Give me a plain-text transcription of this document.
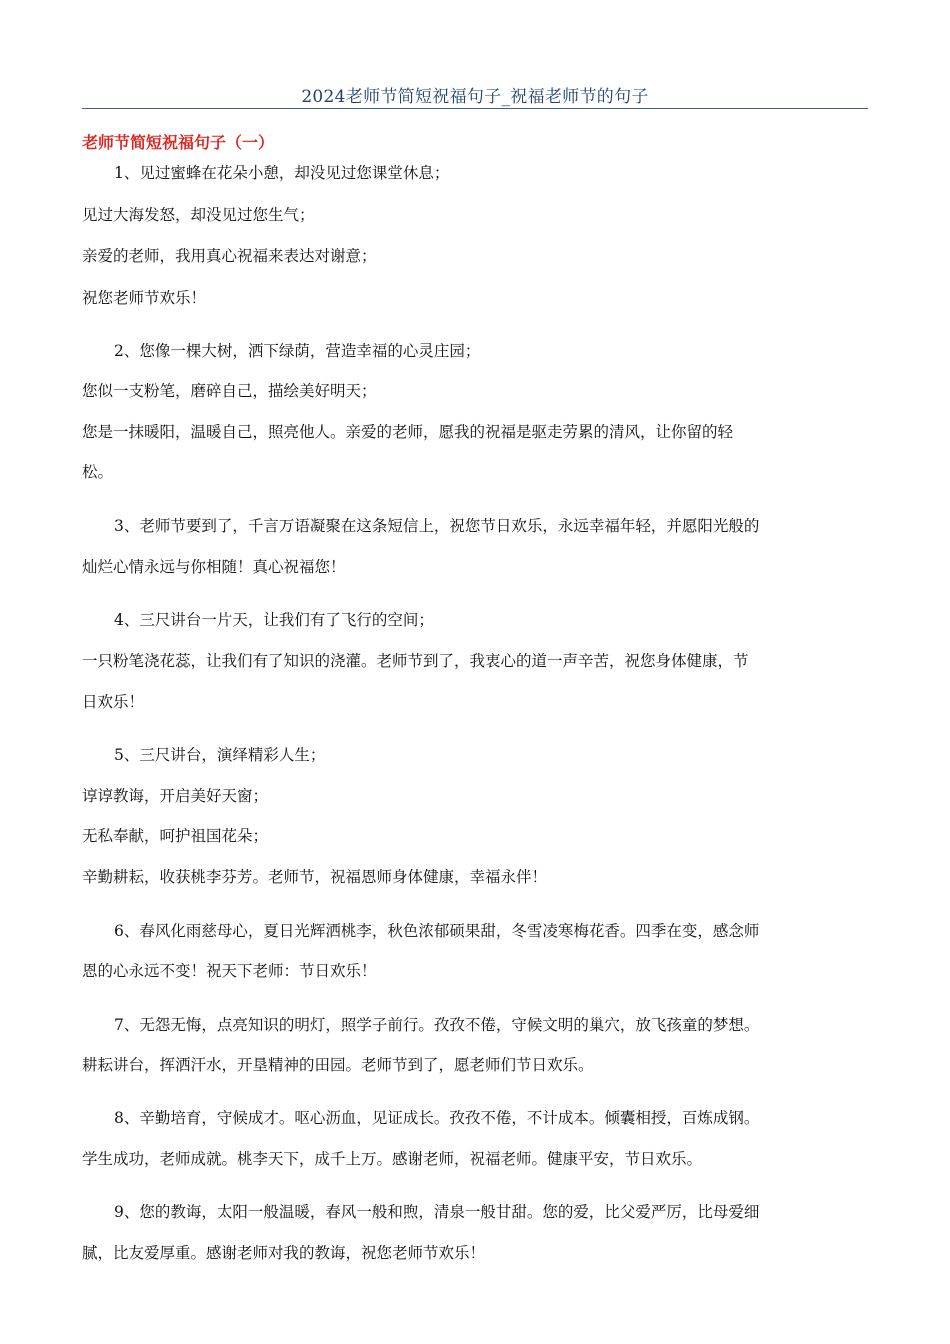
2024老师节简短祝福句子_祝福老师节的句子
老师节简短祝福句子（一）
1、见过蜜蜂在花朵小憩，却没见过您课堂休息；
见过大海发怒，却没见过您生气；
亲爱的老师，我用真心祝福来表达对谢意；
祝您老师节欢乐！
2、您像一棵大树，洒下绿荫，营造幸福的心灵庄园；
您似一支粉笔，磨碎自己，描绘美好明天；
您是一抹暖阳，温暖自己，照亮他人。亲爱的老师，愿我的祝福是驱走劳累的清风，让你留的轻
松。
3、老师节要到了，千言万语凝聚在这条短信上，祝您节日欢乐，永远幸福年轻，并愿阳光般的
灿烂心情永远与你相随！真心祝福您！
4、三尺讲台一片天，让我们有了飞行的空间；
一只粉笔浇花蕊，让我们有了知识的浇灌。老师节到了，我衷心的道一声辛苦，祝您身体健康，节
日欢乐！
5、三尺讲台，演绎精彩人生；
谆谆教诲，开启美好天窗；
无私奉献，呵护祖国花朵；
辛勤耕耘，收获桃李芬芳。老师节，祝福恩师身体健康，幸福永伴！
6、春风化雨慈母心，夏日光辉洒桃李，秋色浓郁硕果甜，冬雪凌寒梅花香。四季在变，感念师
恩的心永远不变！祝天下老师：节日欢乐！
7、无怨无悔，点亮知识的明灯，照学子前行。孜孜不倦，守候文明的巢穴，放飞孩童的梦想。
耕耘讲台，挥洒汗水，开垦精神的田园。老师节到了，愿老师们节日欢乐。
8、辛勤培育，守候成才。呕心沥血，见证成长。孜孜不倦，不计成本。倾囊相授，百炼成钢。
学生成功，老师成就。桃李天下，成千上万。感谢老师，祝福老师。健康平安，节日欢乐。
9、您的教诲，太阳一般温暖，春风一般和煦，清泉一般甘甜。您的爱，比父爱严厉，比母爱细
腻，比友爱厚重。感谢老师对我的教诲，祝您老师节欢乐！
